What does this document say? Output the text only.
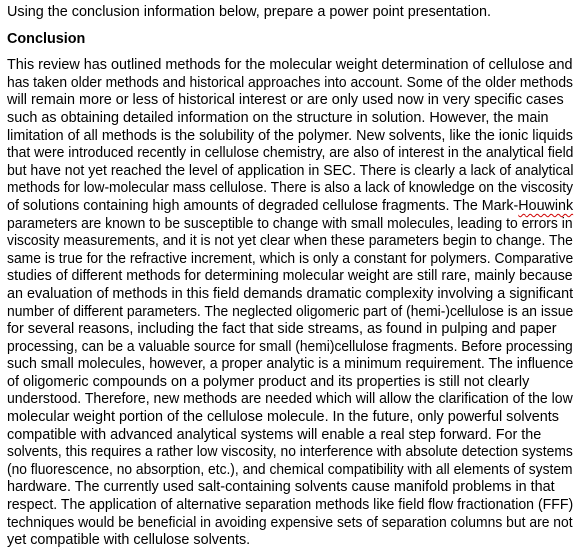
Using the conclusion information below, prepare a power point presentation.
Conclusion
This review has outlined methods for the molecular weight determination of cellulose and
has taken older methods and historical approaches into account. Some of the older methods
will remain more or less of historical interest or are only used now in very specific cases
such as obtaining detailed information on the structure in solution. However, the main
limitation of all methods is the solubility of the polymer. New solvents, like the ionic liquids
that were introduced recently in cellulose chemistry, are also of interest in the analytical field
but have not yet reached the level of application in SEC. There is clearly a lack of analytical
methods for low-molecular mass cellulose. There is also a lack of knowledge on the viscosity
of solutions containing high amounts of degraded cellulose fragments. The Mark-Houwink
parameters are known to be susceptible to change with small molecules, leading to errors in
viscosity measurements, and it is not yet clear when these parameters begin to change. The
same is true for the refractive increment, which is only a constant for polymers. Comparative
studies of different methods for determining molecular weight are still rare, mainly because
an evaluation of methods in this field demands dramatic complexity involving a significant
number of different parameters. The neglected oligomeric part of (hemi-)cellulose is an issue
for several reasons, including the fact that side streams, as found in pulping and paper
processing, can be a valuable source for small (hemi)cellulose fragments. Before processing
such small molecules, however, a proper analytic is a minimum requirement. The influence
of oligomeric compounds on a polymer product and its properties is still not clearly
understood. Therefore, new methods are needed which will allow the clarification of the low
molecular weight portion of the cellulose molecule. In the future, only powerful solvents
compatible with advanced analytical systems will enable a real step forward. For the
solvents, this requires a rather low viscosity, no interference with absolute detection systems
(no fluorescence, no absorption, etc.), and chemical compatibility with all elements of system
hardware. The currently used salt-containing solvents cause manifold problems in that
respect. The application of alternative separation methods like field flow fractionation (FFF)
techniques would be beneficial in avoiding expensive sets of separation columns but are not
yet compatible with cellulose solvents.
